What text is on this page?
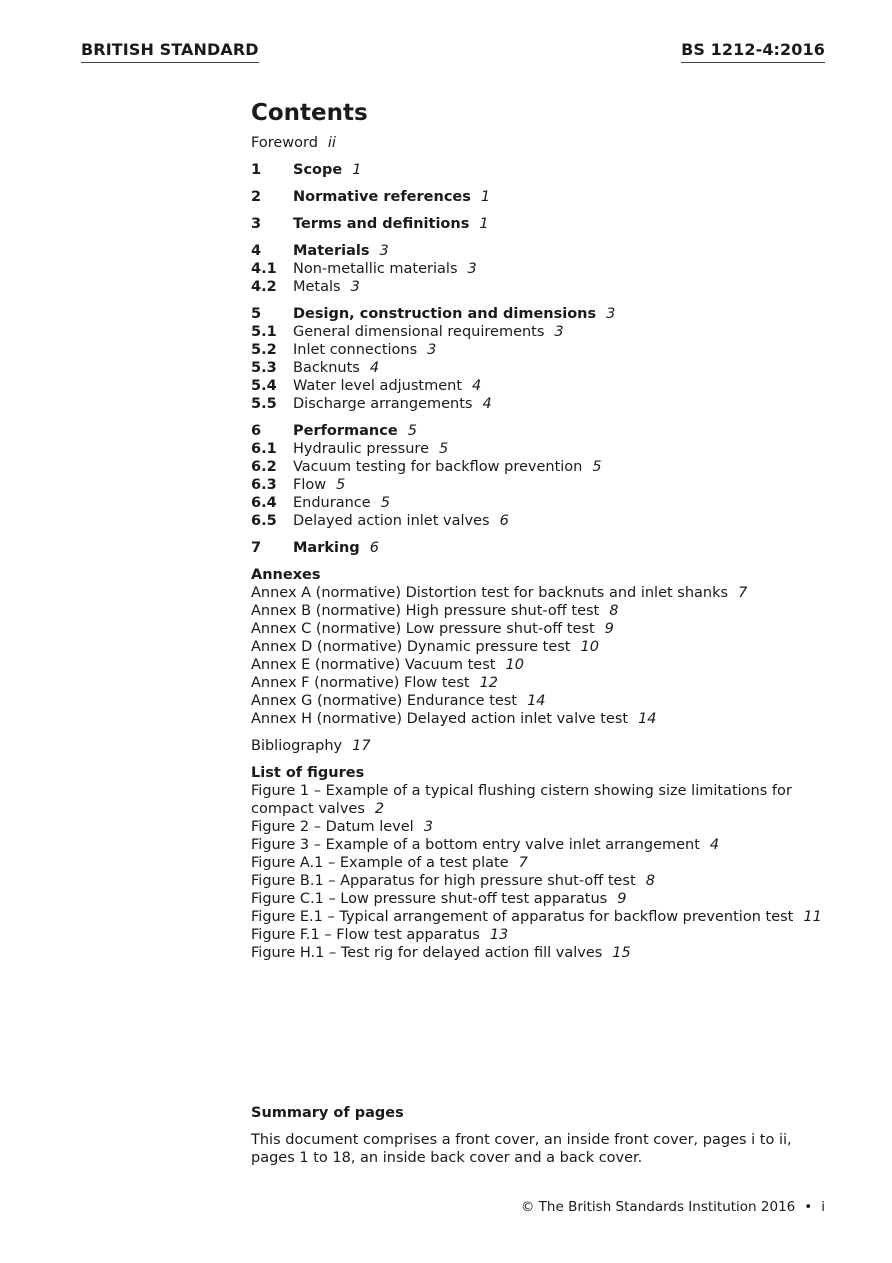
BRITISH STANDARD	BS 1212-4:2016
Contents
Foreword ii
1	Scope 1
2	Normative references 1
3	Terms and definitions 1
4	Materials 3
4.1	Non-metallic materials 3
4.2	Metals 3
5	Design, construction and dimensions 3
5.1	General dimensional requirements 3
5.2	Inlet connections 3
5.3	Backnuts 4
5.4	Water level adjustment 4
5.5	Discharge arrangements 4
6	Performance 5
6.1	Hydraulic pressure 5
6.2	Vacuum testing for backflow prevention 5
6.3	Flow 5
6.4	Endurance 5
6.5	Delayed action inlet valves 6
7	Marking 6
Annexes
Annex A (normative) Distortion test for backnuts and inlet shanks 7
Annex B (normative) High pressure shut-off test 8
Annex C (normative) Low pressure shut-off test 9
Annex D (normative) Dynamic pressure test 10
Annex E (normative) Vacuum test 10
Annex F (normative) Flow test 12
Annex G (normative) Endurance test 14
Annex H (normative) Delayed action inlet valve test 14
Bibliography 17
List of figures
Figure 1 – Example of a typical flushing cistern showing size limitations for compact valves 2
Figure 2 – Datum level 3
Figure 3 – Example of a bottom entry valve inlet arrangement 4
Figure A.1 – Example of a test plate 7
Figure B.1 – Apparatus for high pressure shut-off test 8
Figure C.1 – Low pressure shut-off test apparatus 9
Figure E.1 – Typical arrangement of apparatus for backflow prevention test 11
Figure F.1 – Flow test apparatus 13
Figure H.1 – Test rig for delayed action fill valves 15

Summary of pages

This document comprises a front cover, an inside front cover, pages i to ii, pages 1 to 18, an inside back cover and a back cover.

© The British Standards Institution 2016 • i
